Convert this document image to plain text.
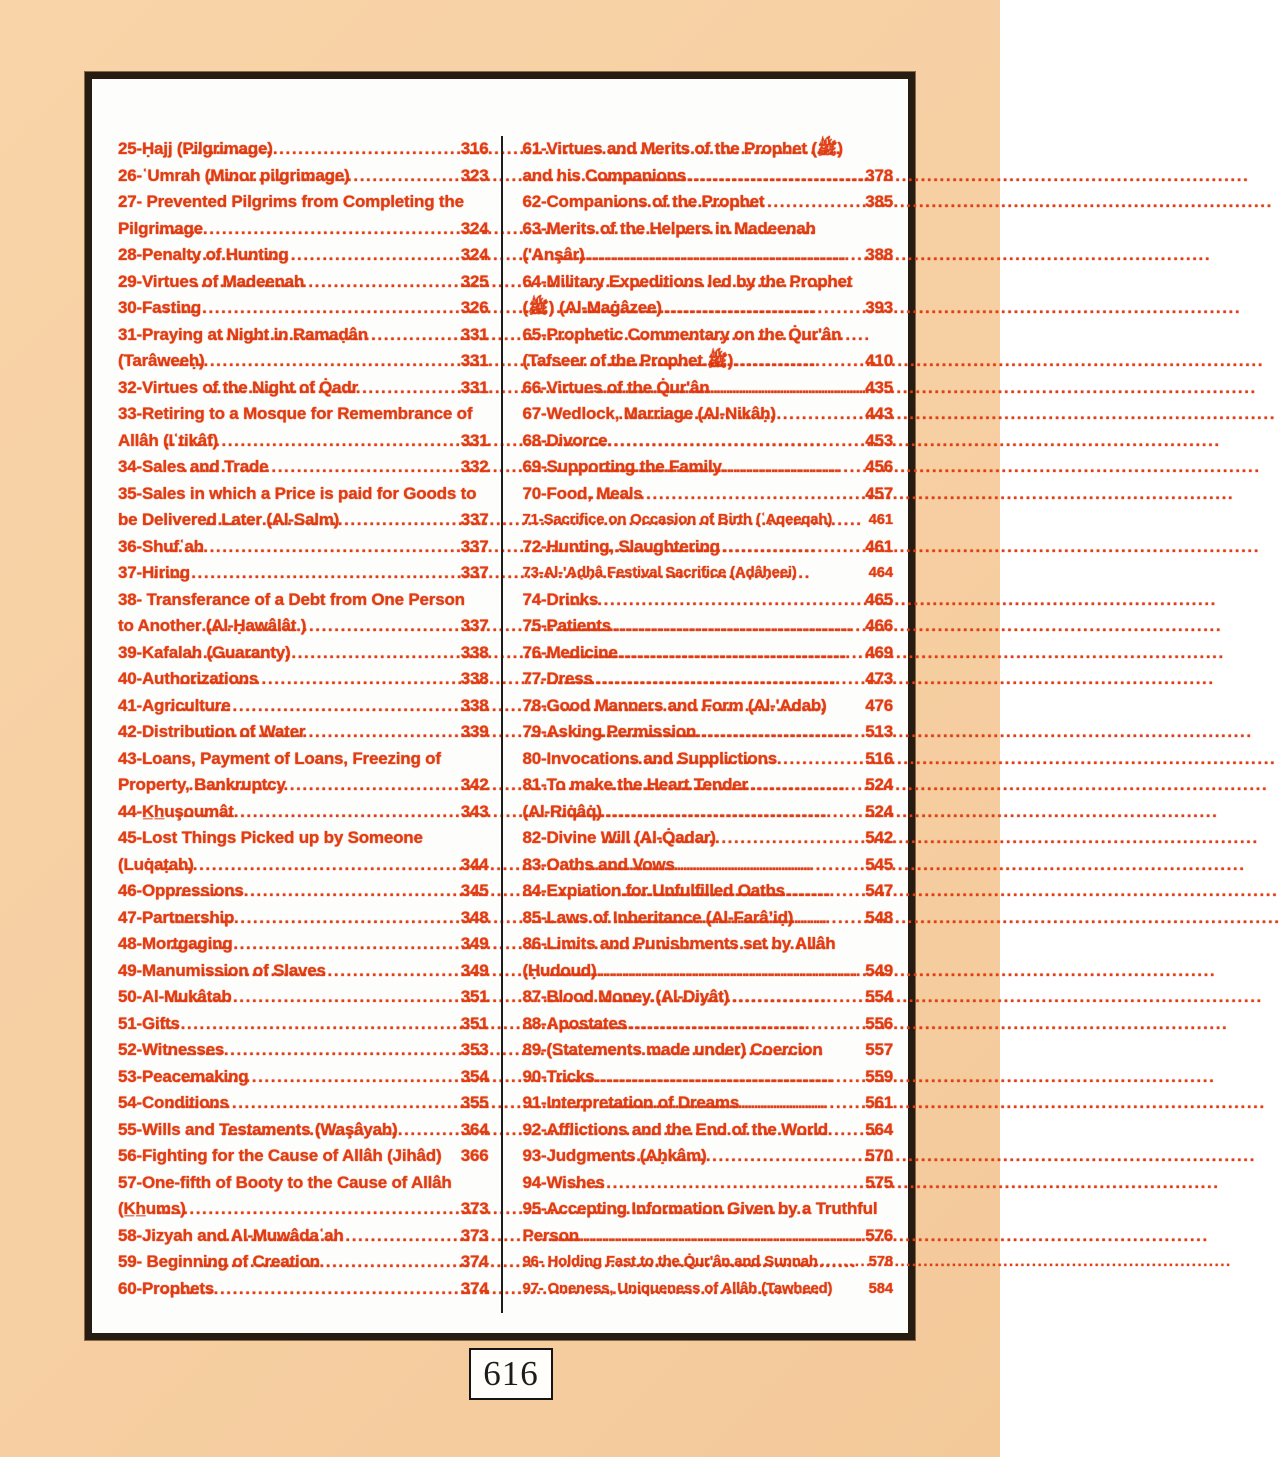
25-Ḥajj (Pilgrimage) .....	316
26-ʿUmrah (Minor pilgrimage) .....	323
27- Prevented Pilgrims from Completing the
Pilgrimage .....	324
28-Penalty of Hunting .....	324
29-Virtues of Madeenah .....	325
30-Fasting .....	326
31-Praying at Night in Ramaḍân .....	331
(Tarâweeḥ) .....	331
32-Virtues of the Night of Q̇adr .....	331
33-Retiring to a Mosque for Remembrance of
Allâh (Iʿtikâf) .....	331
34-Sales and Trade .....	332
35-Sales in which a Price is paid for Goods to
be Delivered Later (Al-Salm) .....	337
36-Shufʿah .....	337
37-Hiring .....	337
38- Transferance of a Debt from One Person
to Another (Al-Ḥawâlât ) .....	337
39-Kafalah (Guaranty) .....	338
40-Authorizations .....	338
41-Agriculture .....	338
42-Distribution of Water .....	339
43-Loans, Payment of Loans, Freezing of
Property, Bankruptcy .....	342
44-K̲h̲uşoumât .....	343
45-Lost Things Picked up by Someone
(Luq̇aṭah) .....	344
46-Oppressions .....	345
47-Partnership .....	348
48-Mortgaging .....	349
49-Manumission of Slaves .....	349
50-Al-Mukâtab .....	351
51-Gifts .....	351
52-Witnesses .....	353
53-Peacemaking .....	354
54-Conditions .....	355
55-Wills and Testaments (Waşâyah) .....	364
56-Fighting for the Cause of Allâh (Jihâd) 366
57-One-fifth of Booty to the Cause of Allâh
(K̲h̲ums) .....	373
58-Jizyah and Al-Muwâdaʿah .....	373
59- Beginning of Creation .....	374
60-Prophets .....	374
61-Virtues and Merits of the Prophet (ﷺ)
and his Companions .....	378
62-Companions of the Prophet .....	385
63-Merits of the Helpers in Madeenah
('Anşâr) .....	388
64-Military Expeditions led by the Prophet
(ﷺ) (Al-Maġâzee) .....	393
65-Prophetic Commentary on the Q̇ur'ân
(Tafseer of the Prophet ﷺ) .....	410
66-Virtues of the Q̇ur'ân .....	435
67-Wedlock, Marriage (Al-Nikâḥ) .....	443
68-Divorce .....	453
69-Supporting the Family .....	456
70-Food, Meals .....	457
71-Sacrifice on Occasion of Birth (ʿAqeeqah) 461
72-Hunting, Slaughtering .....	461
73-Al-'Aḍḥâ Festival Sacrifice (Aḍâḥeei)	464
74-Drinks .....	465
75-Patients .....	466
76-Medicine .....	469
77-Dress .....	473
78-Good Manners and Form (Al-'Adab) 476
79-Asking Permission .....	513
80-Invocations and Supplictions .....	516
81-To make the Heart Tender .....	524
(Al-Riq̇âq̇) .....	524
82-Divine Will (Al-Q̇adar) .....	542
83-Oaths and Vows .....	545
84-Expiation for Unfulfilled Oaths .....	547
85-Laws of Inheritance (Al-Farâ’iḍ) .....	548
86-Limits and Punishments set by Allâh
(Ḥudoud) .....	549
87-Blood Money (Al-Diyât) .....	554
88-Apostates .....	556
89-(Statements made under) Coercion	557
90-Tricks .....	559
91-Interpretation of Dreams .....	561
92-Afflictions and the End of the World 564
93-Judgments (Aḥkâm) .....	570
94-Wishes .....	575
95-Accepting Information Given by a Truthful
Person .....	576
96- Holding Fast to the Q̇ur'ân and Sunnah .....	578
97- Oneness, Uniqueness of Allâh (Tawheed) 584
616
